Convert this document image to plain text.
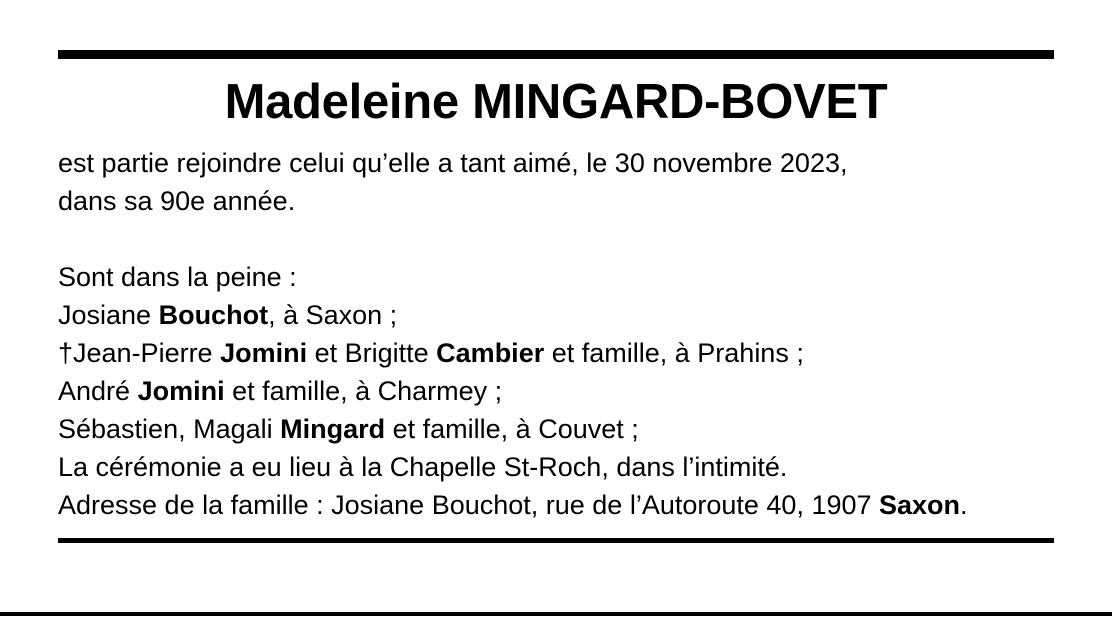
Madeleine MINGARD-BOVET
est partie rejoindre celui qu’elle a tant aimé, le 30 novembre 2023,
dans sa 90e année.
Sont dans la peine :
Josiane Bouchot, à Saxon ;
†Jean-Pierre Jomini et Brigitte Cambier et famille, à Prahins ;
André Jomini et famille, à Charmey ;
Sébastien, Magali Mingard et famille, à Couvet ;
La cérémonie a eu lieu à la Chapelle St-Roch, dans l’intimité.
Adresse de la famille : Josiane Bouchot, rue de l’Autoroute 40, 1907 Saxon.
